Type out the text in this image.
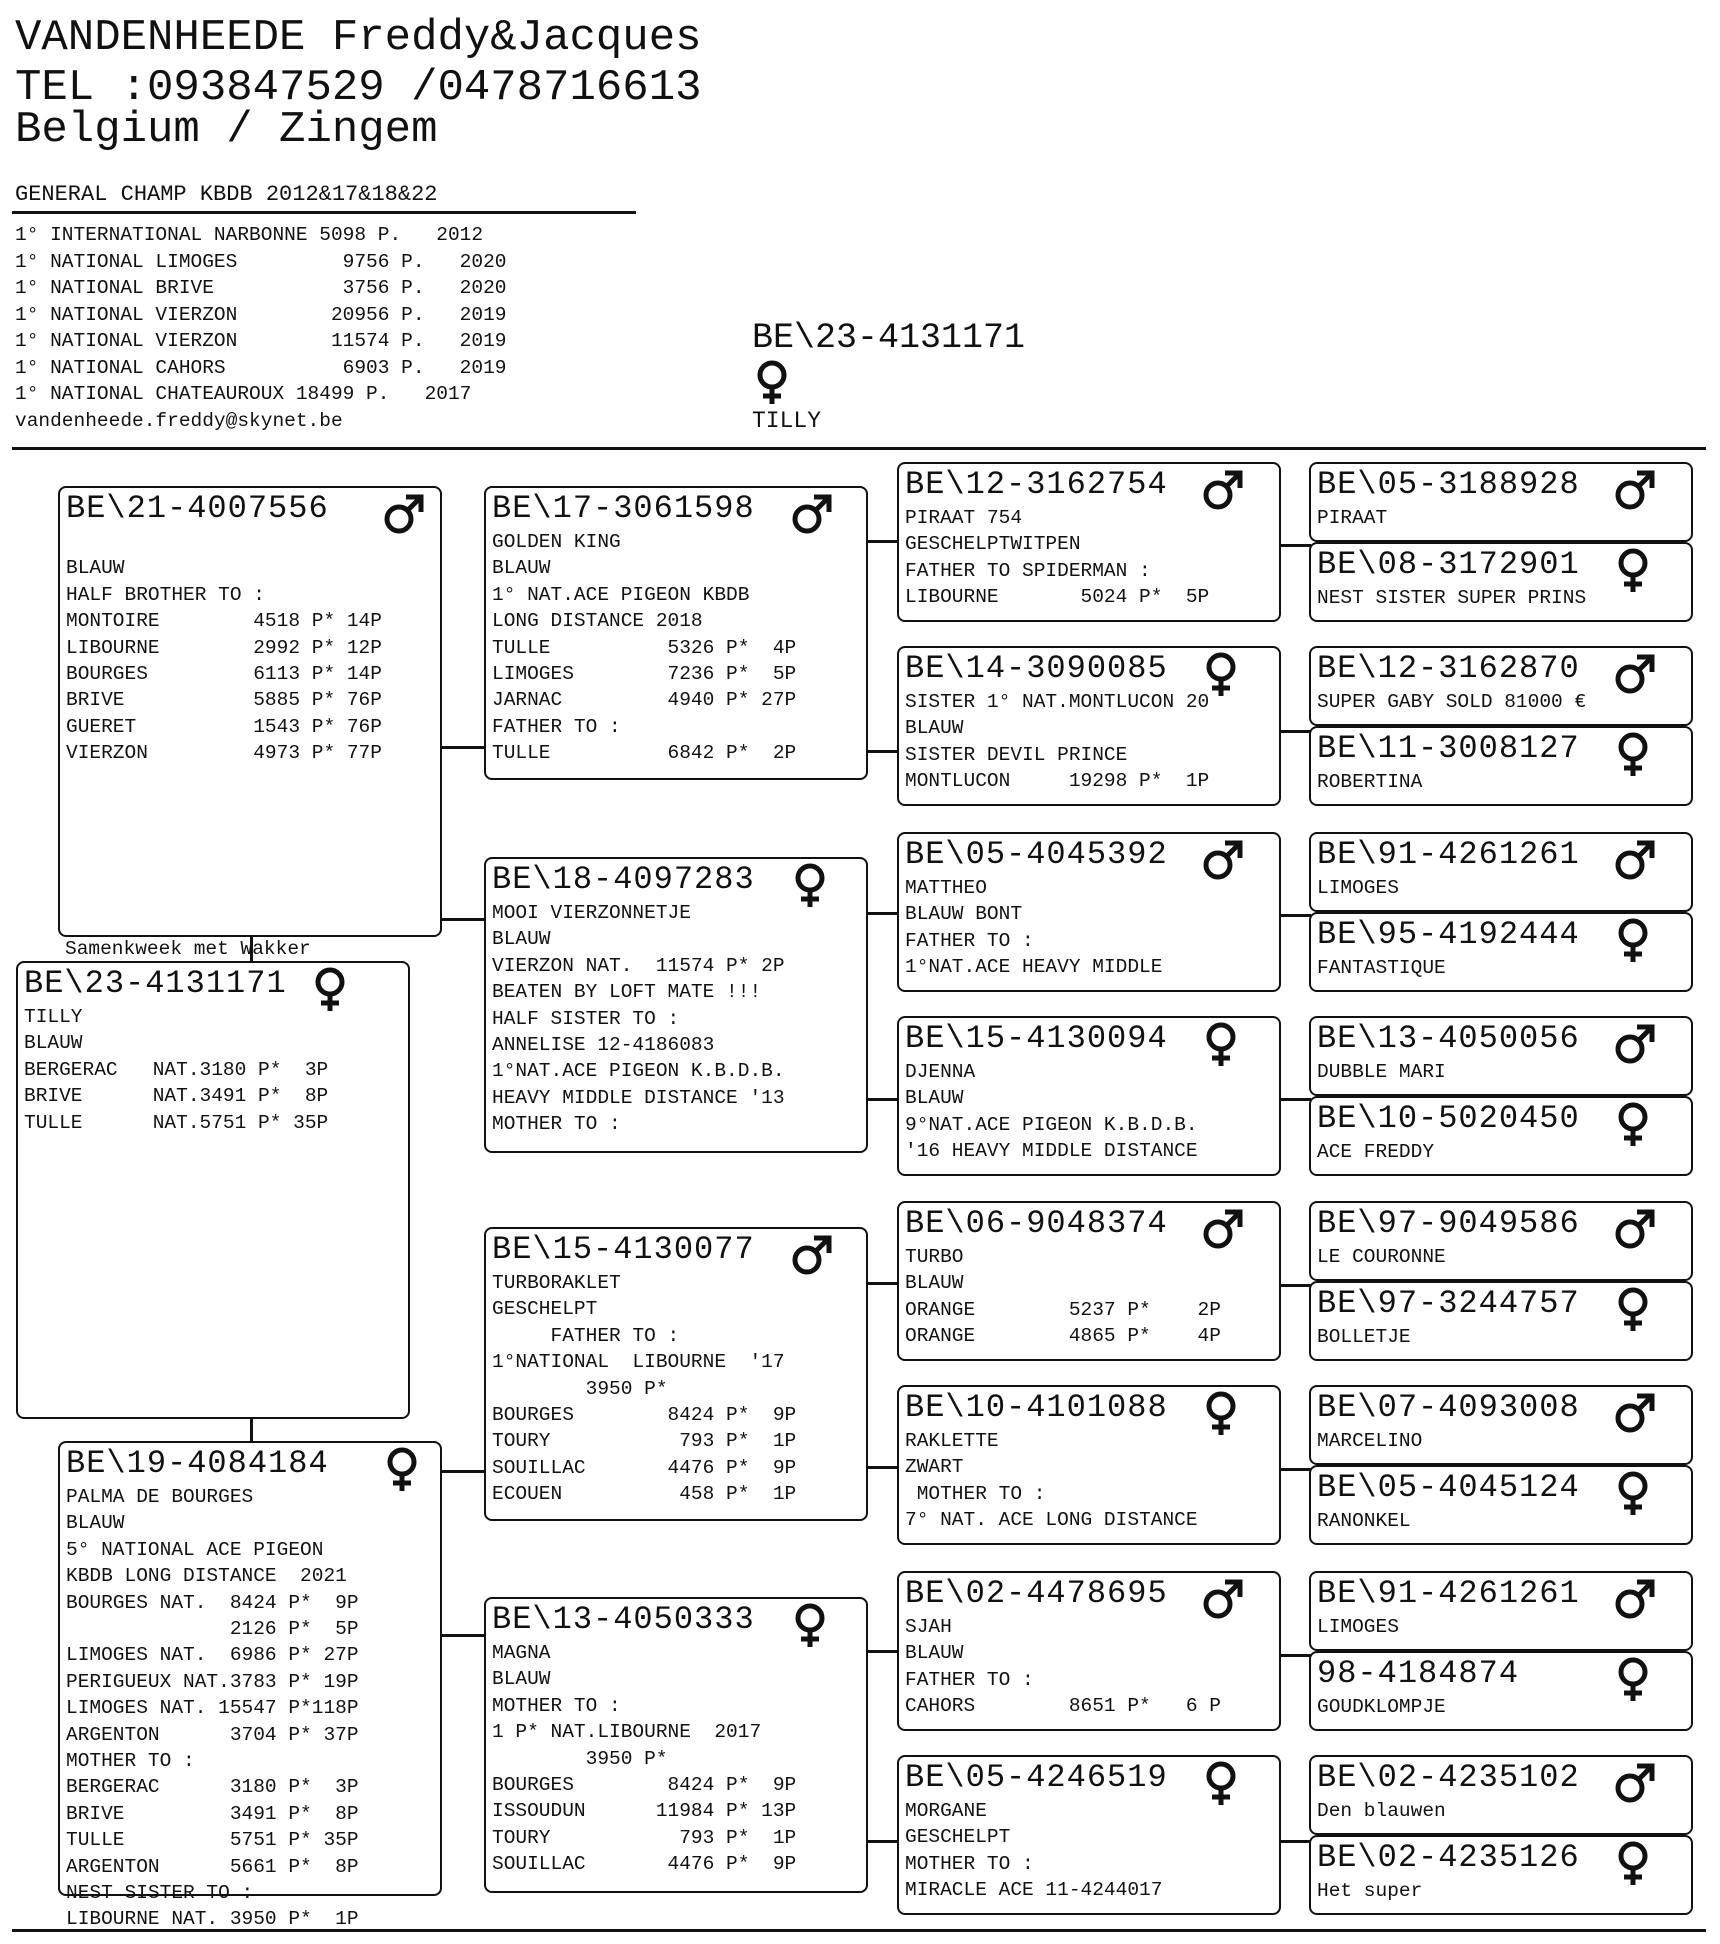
VANDENHEEDE Freddy&Jacques
TEL :093847529 /0478716613
Belgium / Zingem
GENERAL CHAMP KBDB 2012&17&18&22
1° INTERNATIONAL NARBONNE 5098 P.   2012
1° NATIONAL LIMOGES         9756 P.   2020
1° NATIONAL BRIVE           3756 P.   2020
1° NATIONAL VIERZON        20956 P.   2019
1° NATIONAL VIERZON        11574 P.   2019
1° NATIONAL CAHORS          6903 P.   2019
1° NATIONAL CHATEAUROUX 18499 P.   2017
vandenheede.freddy@skynet.be
BE\23-4131171
TILLY
Samenkweek met Wakker
BE\21-4007556
BLAUW
HALF BROTHER TO :
MONTOIRE        4518 P* 14P
LIBOURNE        2992 P* 12P
BOURGES         6113 P* 14P
BRIVE           5885 P* 76P
GUERET          1543 P* 76P
VIERZON         4973 P* 77P
BE\23-4131171
TILLY
BLAUW
BERGERAC   NAT.3180 P*  3P
BRIVE      NAT.3491 P*  8P
TULLE      NAT.5751 P* 35P
BE\19-4084184
PALMA DE BOURGES
BLAUW
5° NATIONAL ACE PIGEON
KBDB LONG DISTANCE  2021
BOURGES NAT.  8424 P*  9P
2126 P*  5P
LIMOGES NAT.  6986 P* 27P
PERIGUEUX NAT.3783 P* 19P
LIMOGES NAT. 15547 P*118P
ARGENTON      3704 P* 37P
MOTHER TO :
BERGERAC      3180 P*  3P
BRIVE         3491 P*  8P
TULLE         5751 P* 35P
ARGENTON      5661 P*  8P
NEST SISTER TO :
LIBOURNE NAT. 3950 P*  1P
BE\17-3061598
GOLDEN KING
BLAUW
1° NAT.ACE PIGEON KBDB
LONG DISTANCE 2018
TULLE          5326 P*  4P
LIMOGES        7236 P*  5P
JARNAC         4940 P* 27P
FATHER TO :
TULLE          6842 P*  2P
BE\18-4097283
MOOI VIERZONNETJE
BLAUW
VIERZON NAT.  11574 P* 2P
BEATEN BY LOFT MATE !!!
HALF SISTER TO :
ANNELISE 12-4186083
1°NAT.ACE PIGEON K.B.D.B.
HEAVY MIDDLE DISTANCE '13
MOTHER TO :
BE\15-4130077
TURBORAKLET
GESCHELPT
FATHER TO :
1°NATIONAL  LIBOURNE  '17
3950 P*
BOURGES        8424 P*  9P
TOURY           793 P*  1P
SOUILLAC       4476 P*  9P
ECOUEN          458 P*  1P
BE\13-4050333
MAGNA
BLAUW
MOTHER TO :
1 P* NAT.LIBOURNE  2017
3950 P*
BOURGES        8424 P*  9P
ISSOUDUN      11984 P* 13P
TOURY           793 P*  1P
SOUILLAC       4476 P*  9P
BE\12-3162754
PIRAAT 754
GESCHELPTWITPEN
FATHER TO SPIDERMAN :
LIBOURNE       5024 P*  5P
BE\14-3090085
SISTER 1° NAT.MONTLUCON 20
BLAUW
SISTER DEVIL PRINCE
MONTLUCON     19298 P*  1P
BE\05-4045392
MATTHEO
BLAUW BONT
FATHER TO :
1°NAT.ACE HEAVY MIDDLE
BE\15-4130094
DJENNA
BLAUW
9°NAT.ACE PIGEON K.B.D.B.
'16 HEAVY MIDDLE DISTANCE
BE\06-9048374
TURBO
BLAUW
ORANGE        5237 P*    2P
ORANGE        4865 P*    4P
BE\10-4101088
RAKLETTE
ZWART
MOTHER TO :
7° NAT. ACE LONG DISTANCE
BE\02-4478695
SJAH
BLAUW
FATHER TO :
CAHORS        8651 P*   6 P
BE\05-4246519
MORGANE
GESCHELPT
MOTHER TO :
MIRACLE ACE 11-4244017
BE\05-3188928
PIRAAT
BE\08-3172901
NEST SISTER SUPER PRINS
BE\12-3162870
SUPER GABY SOLD 81000 €
BE\11-3008127
ROBERTINA
BE\91-4261261
LIMOGES
BE\95-4192444
FANTASTIQUE
BE\13-4050056
DUBBLE MARI
BE\10-5020450
ACE FREDDY
BE\97-9049586
LE COURONNE
BE\97-3244757
BOLLETJE
BE\07-4093008
MARCELINO
BE\05-4045124
RANONKEL
BE\91-4261261
LIMOGES
98-4184874
GOUDKLOMPJE
BE\02-4235102
Den blauwen
BE\02-4235126
Het super
